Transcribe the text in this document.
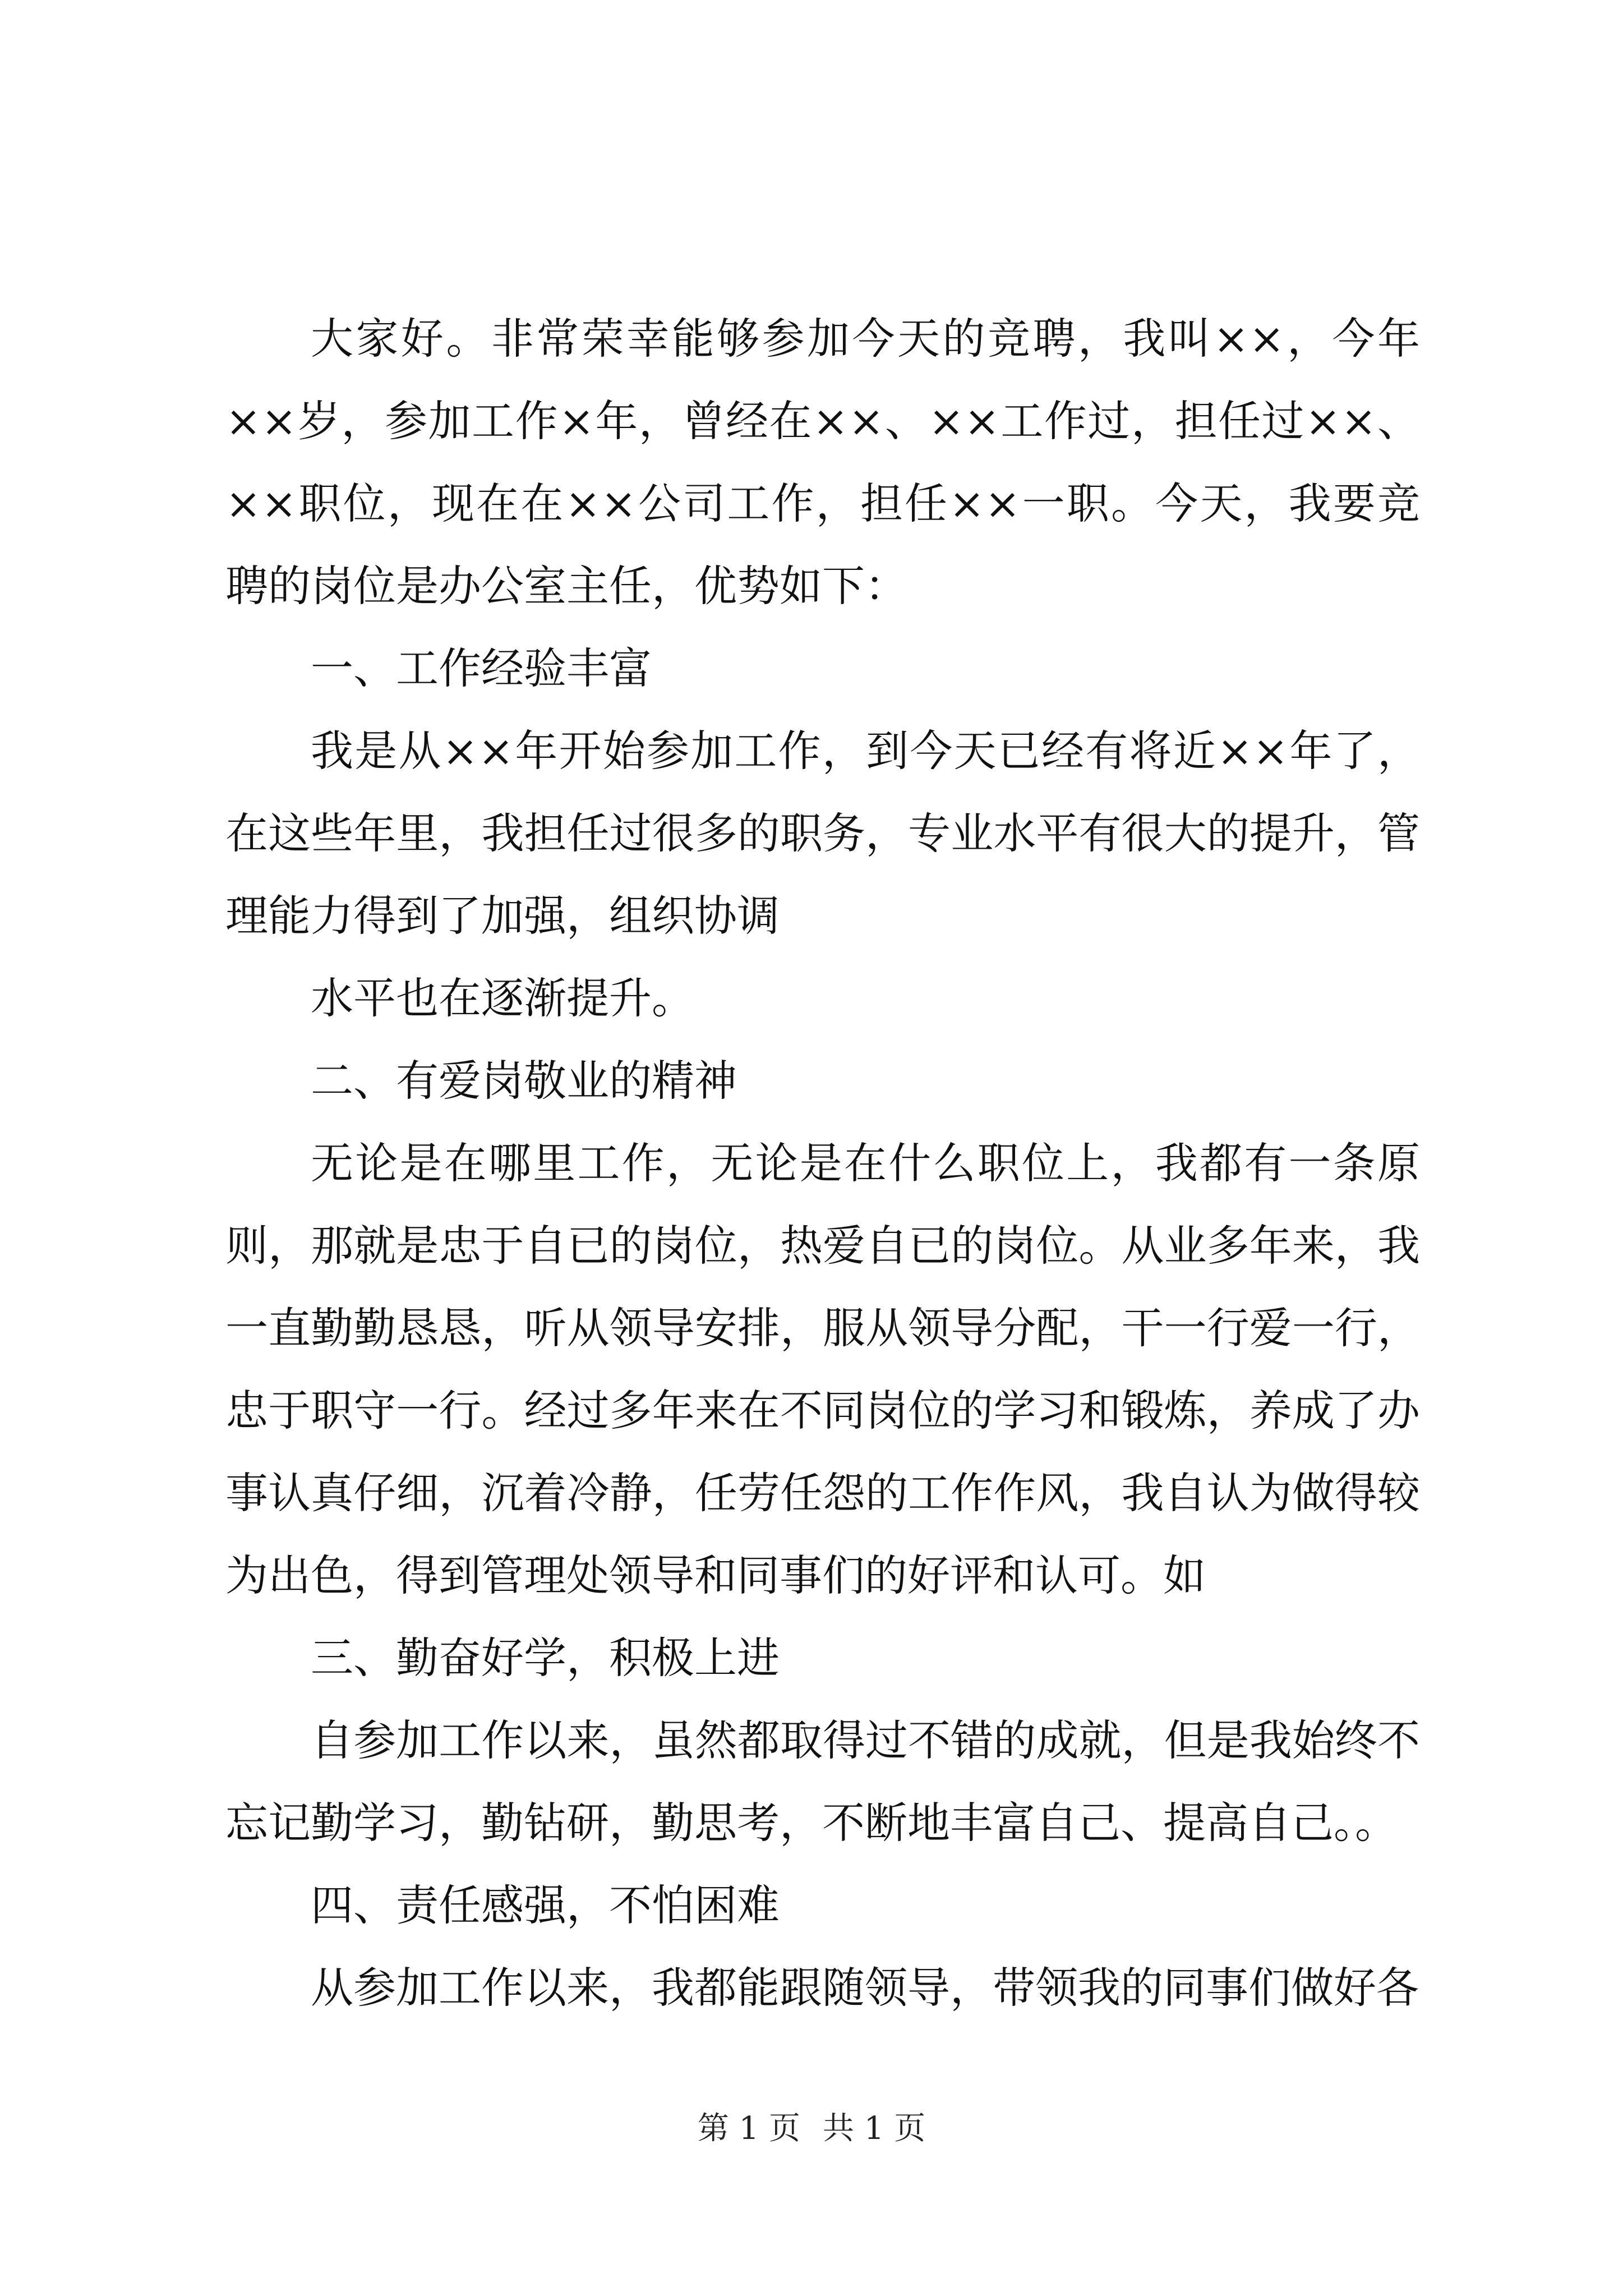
大家好。非常荣幸能够参加今天的竞聘，我叫××，今年××岁，参加工作×年，曾经在××、××工作过，担任过××、××职位，现在在××公司工作，担任××一职。今天，我要竞聘的岗位是办公室主任，优势如下：

一、工作经验丰富

我是从××年开始参加工作，到今天已经有将近××年了，在这些年里，我担任过很多的职务，专业水平有很大的提升，管理能力得到了加强，组织协调

水平也在逐渐提升。

二、有爱岗敬业的精神

无论是在哪里工作，无论是在什么职位上，我都有一条原则，那就是忠于自已的岗位，热爱自已的岗位。从业多年来，我一直勤勤恳恳，听从领导安排，服从领导分配，干一行爱一行，忠于职守一行。经过多年来在不同岗位的学习和锻炼，养成了办事认真仔细，沉着冷静，任劳任怨的工作作风，我自认为做得较为出色，得到管理处领导和同事们的好评和认可。如

三、勤奋好学，积极上进

自参加工作以来，虽然都取得过不错的成就，但是我始终不忘记勤学习，勤钻研，勤思考，不断地丰富自己、提高自己。。

四、责任感强，不怕困难

从参加工作以来，我都能跟随领导，带领我的同事们做好各

第 1 页 共 1 页
